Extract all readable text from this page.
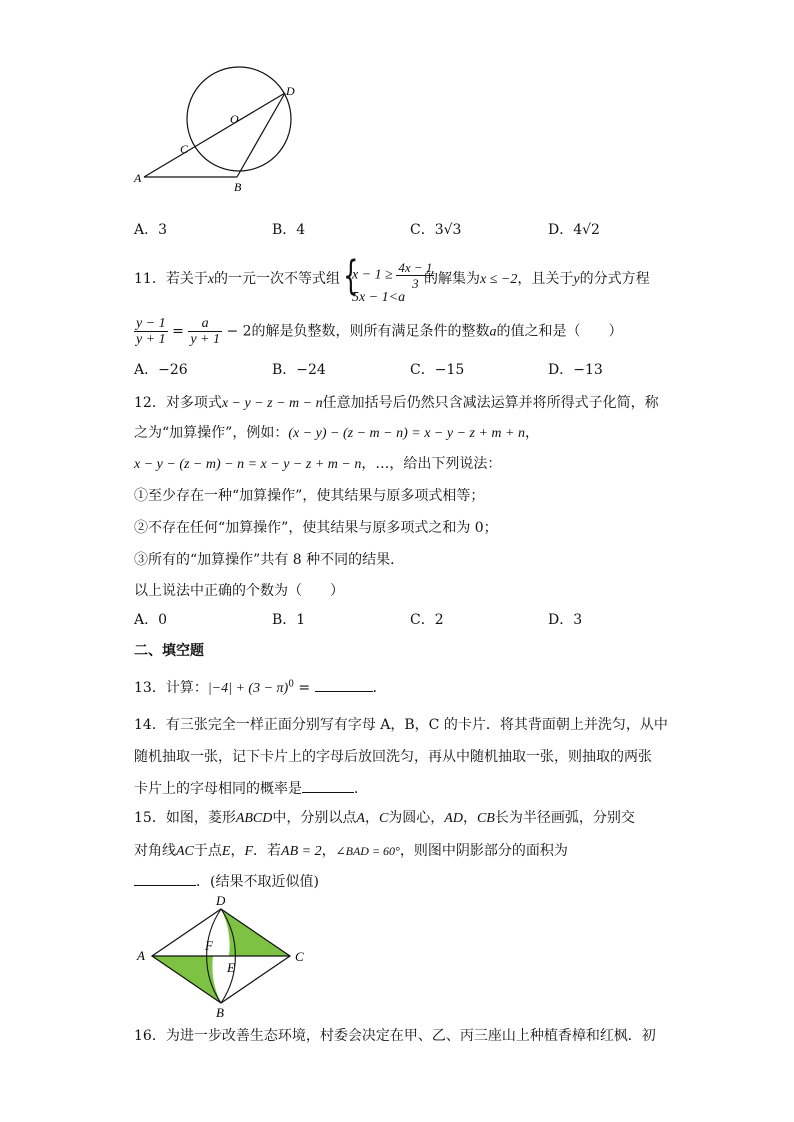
O
D
C
A
B
A．3	B．4	C．3√3	D．4√2
11．若关于x的一元一次不等式组 {
$x - 1 \ge \frac{4x - 1}{3}$
5x − 1<a
的解集为x ≤ −2，且关于y的分式方程
$\frac{y - 1}{y + 1} = \frac{a}{y + 1} - 2$的解是负整数，则所有满足条件的整数a的值之和是（　　）
A．−26	B．−24	C．−15	D．−13
12．对多项式x − y − z − m − n任意加括号后仍然只含减法运算并将所得式子化简，称
之为“加算操作”，例如：(x − y) − (z − m − n) = x − y − z + m + n，
x − y − (z − m) − n = x − y − z + m − n，…，给出下列说法：
①至少存在一种“加算操作”，使其结果与原多项式相等；
②不存在任何“加算操作”，使其结果与原多项式之和为 0；
③所有的“加算操作”共有 8 种不同的结果．
以上说法中正确的个数为（　　）
A．0	B．1	C．2	D．3
二、填空题
13．计算：$|-4| + (3 - \pi)^0$ =	．
14．有三张完全一样正面分别写有字母 A，B，C 的卡片．将其背面朝上并洗匀，从中
随机抽取一张，记下卡片上的字母后放回洗匀，再从中随机抽取一张，则抽取的两张
卡片上的字母相同的概率是	．
15．如图，菱形ABCD中，分别以点A，C为圆心，AD，CB长为半径画弧，分别交
对角线AC于点E，F．若AB = 2，∠BAD = 60°，则图中阴影部分的面积为
．(结果不取近似值)
D
A	C
B
F
E
16．为进一步改善生态环境，村委会决定在甲、乙、丙三座山上种植香樟和红枫．初
